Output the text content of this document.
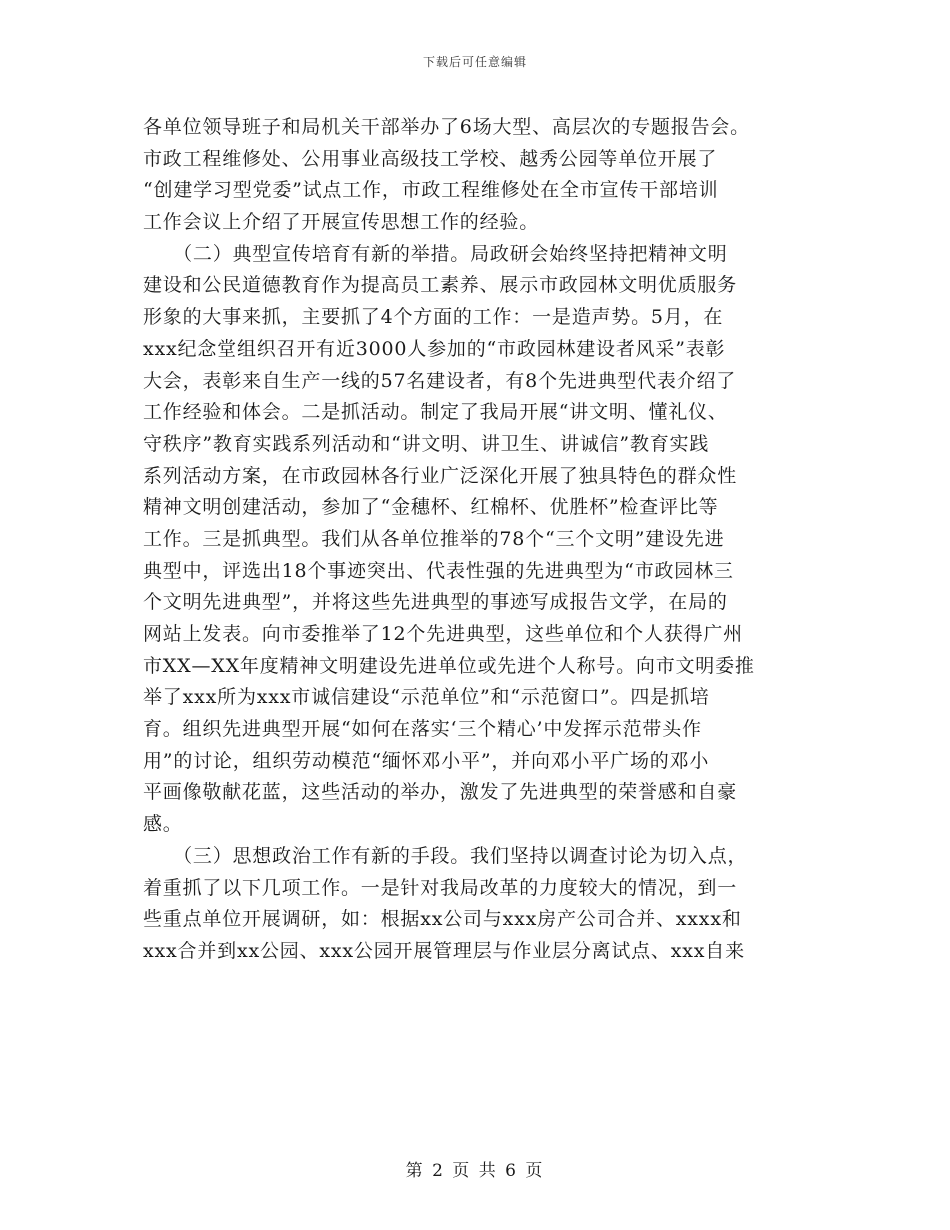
下载后可任意编辑
各单位领导班子和局机关干部举办了6场大型、高层次的专题报告会。
市政工程维修处、公用事业高级技工学校、越秀公园等单位开展了
“创建学习型党委”试点工作，市政工程维修处在全市宣传干部培训
工作会议上介绍了开展宣传思想工作的经验。
　　（二）典型宣传培育有新的举措。局政研会始终坚持把精神文明
建设和公民道德教育作为提高员工素养、展示市政园林文明优质服务
形象的大事来抓，主要抓了4个方面的工作：一是造声势。5月，在
xxx纪念堂组织召开有近3000人参加的“市政园林建设者风采”表彰
大会，表彰来自生产一线的57名建设者，有8个先进典型代表介绍了
工作经验和体会。二是抓活动。制定了我局开展“讲文明、懂礼仪、
守秩序”教育实践系列活动和“讲文明、讲卫生、讲诚信”教育实践
系列活动方案，在市政园林各行业广泛深化开展了独具特色的群众性
精神文明创建活动，参加了“金穗杯、红棉杯、优胜杯”检查评比等
工作。三是抓典型。我们从各单位推举的78个“三个文明”建设先进
典型中，评选出18个事迹突出、代表性强的先进典型为“市政园林三
个文明先进典型”，并将这些先进典型的事迹写成报告文学，在局的
网站上发表。向市委推举了12个先进典型，这些单位和个人获得广州
市XX—XX年度精神文明建设先进单位或先进个人称号。向市文明委推
举了xxx所为xxx市诚信建设“示范单位”和“示范窗口”。四是抓培
育。组织先进典型开展“如何在落实‘三个精心’中发挥示范带头作
用”的讨论，组织劳动模范“缅怀邓小平”，并向邓小平广场的邓小
平画像敬献花蓝，这些活动的举办，激发了先进典型的荣誉感和自豪
感。
　　（三）思想政治工作有新的手段。我们坚持以调查讨论为切入点，
着重抓了以下几项工作。一是针对我局改革的力度较大的情况，到一
些重点单位开展调研，如：根据xx公司与xxx房产公司合并、xxxx和
xxx合并到xx公园、xxx公园开展管理层与作业层分离试点、xxx自来
第 2 页 共 6 页
